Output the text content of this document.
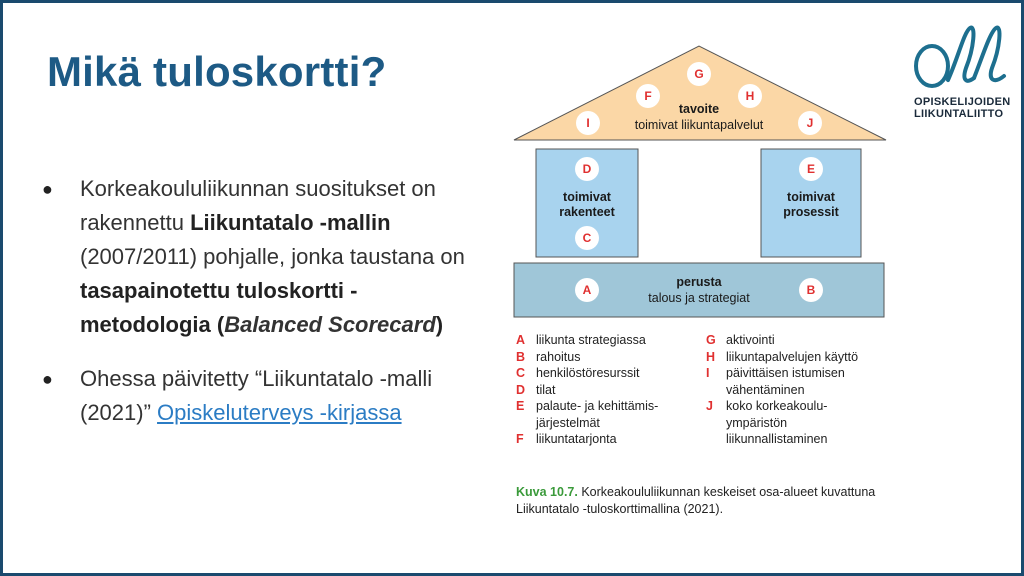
Mikä tuloskortti?
OPISKELIJOIDEN
LIIKUNTALIITTO
● Korkeakoululiikunnan suositukset on rakennettu Liikuntatalo -mallin (2007/2011) pohjalle, jonka taustana on tasapainotettu tuloskortti -metodologia (Balanced Scorecard)
● Ohessa päivitetty “Liikuntatalo -malli (2021)” Opiskeluterveys -kirjassa
tavoite
toimivat liikuntapalvelut
toimivat
rakenteet
toimivat
prosessit
perusta
talous ja strategiat
G
F	H
I	J
D
C
E
A	B
A liikunta strategiassa
B rahoitus
C henkilöstöresurssit
D tilat
E palaute- ja kehittämis-
järjestelmät
F liikuntatarjonta
G aktivointi
H liikuntapalvelujen käyttö
I	päivittäisen istumisen
vähentäminen
J	koko korkeakoulu-
ympäristön
liikunnallistaminen
Kuva 10.7. Korkeakoululiikunnan keskeiset osa-alueet kuvattuna Liikuntatalo -tuloskorttimallina (2021).
